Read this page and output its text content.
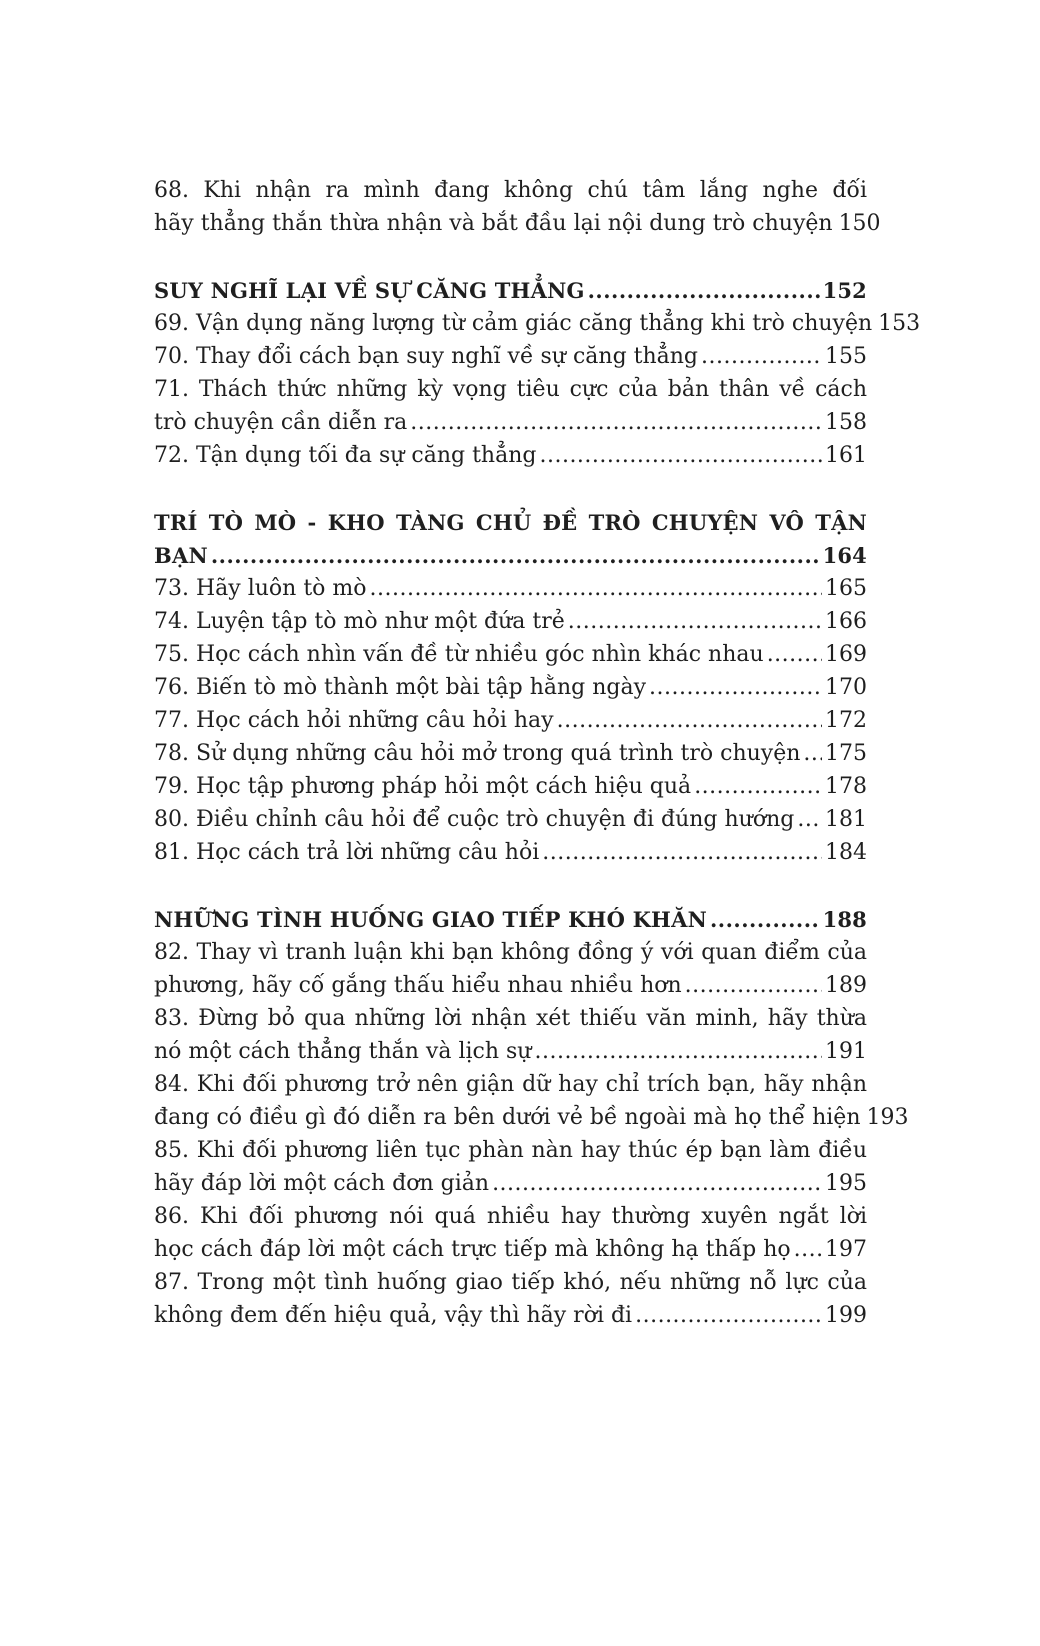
68. Khi nhận ra mình đang không chú tâm lắng nghe đối
hãy thẳng thắn thừa nhận và bắt đầu lại nội dung trò chuyện 150
SUY NGHĨ LẠI VỀ SỰ CĂNG THẲNG .....	152
69. Vận dụng năng lượng từ cảm giác căng thẳng khi trò chuyện 153
70. Thay đổi cách bạn suy nghĩ về sự căng thẳng .....	155
71. Thách thức những kỳ vọng tiêu cực của bản thân về cách
trò chuyện cần diễn ra .....	158
72. Tận dụng tối đa sự căng thẳng .....	161
TRÍ TÒ MÒ - KHO TÀNG CHỦ ĐỀ TRÒ CHUYỆN VÔ TẬN
BẠN .....	164
73. Hãy luôn tò mò .....	165
74. Luyện tập tò mò như một đứa trẻ .....	166
75. Học cách nhìn vấn đề từ nhiều góc nhìn khác nhau .....	169
76. Biến tò mò thành một bài tập hằng ngày .....	170
77. Học cách hỏi những câu hỏi hay .....	172
78. Sử dụng những câu hỏi mở trong quá trình trò chuyện ..... 175
79. Học tập phương pháp hỏi một cách hiệu quả .....	178
80. Điều chỉnh câu hỏi để cuộc trò chuyện đi đúng hướng ..... 181
81. Học cách trả lời những câu hỏi .....	184
NHỮNG TÌNH HUỐNG GIAO TIẾP KHÓ KHĂN .....	188
82. Thay vì tranh luận khi bạn không đồng ý với quan điểm của
phương, hãy cố gắng thấu hiểu nhau nhiều hơn .....	189
83. Đừng bỏ qua những lời nhận xét thiếu văn minh, hãy thừa
nó một cách thẳng thắn và lịch sự .....	191
84. Khi đối phương trở nên giận dữ hay chỉ trích bạn, hãy nhận
đang có điều gì đó diễn ra bên dưới vẻ bề ngoài mà họ thể hiện 193
85. Khi đối phương liên tục phàn nàn hay thúc ép bạn làm điều
hãy đáp lời một cách đơn giản .....	195
86. Khi đối phương nói quá nhiều hay thường xuyên ngắt lời
học cách đáp lời một cách trực tiếp mà không hạ thấp họ ..... 197
87. Trong một tình huống giao tiếp khó, nếu những nỗ lực của
không đem đến hiệu quả, vậy thì hãy rời đi .....	199
